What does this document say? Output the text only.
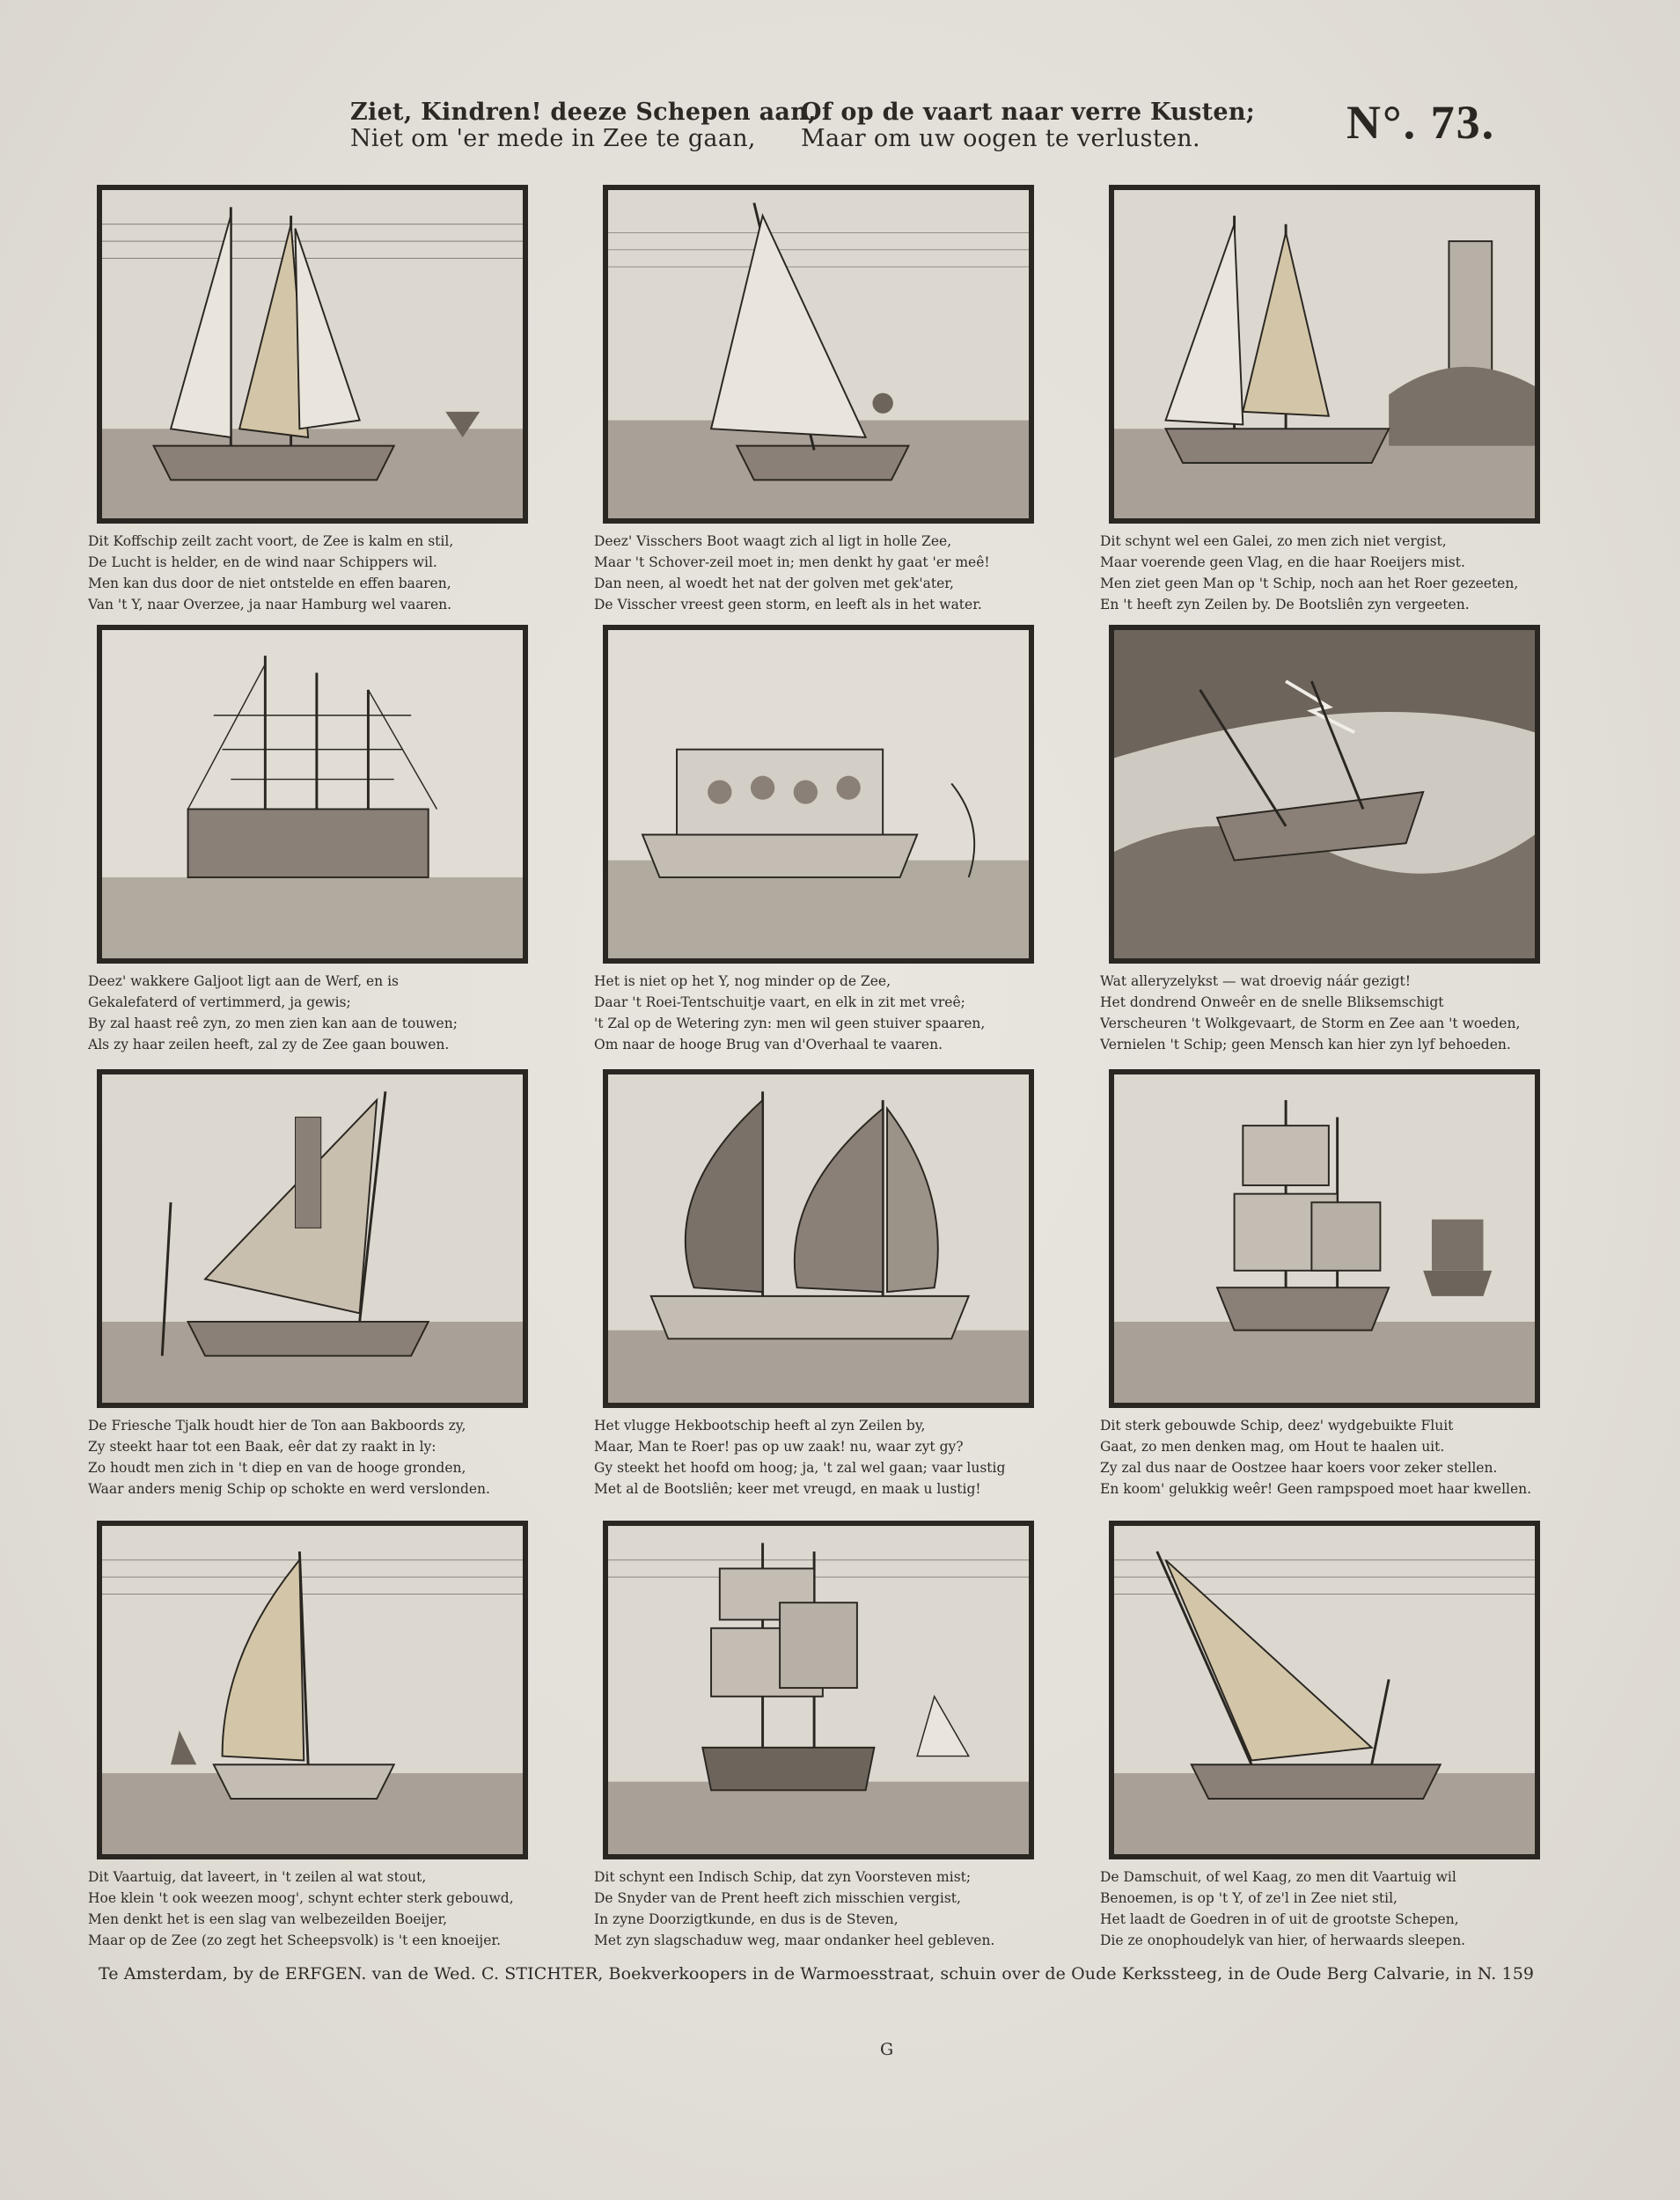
Ziet, Kindren! deeze Schepen aan,
Of op de vaart naar verre Kusten;
Niet om 'er mede in Zee te gaan, Maar om uw oogen te verlusten.	N°. 73.
Dit Koffschip zeilt zacht voort, de Zee is kalm en stil,
De Lucht is helder, en de wind naar Schippers wil.
Men kan dus door de niet ontstelde en effen baaren,
Van 't Y, naar Overzee, ja naar Hamburg wel vaaren.
Deez' Visschers Boot waagt zich al ligt in holle Zee,
Maar 't Schover-zeil moet in; men denkt hy gaat 'er meê!
Dan neen, al woedt het nat der golven met gek'ater,
De Visscher vreest geen storm, en leeft als in het water.
Dit schynt wel een Galei, zo men zich niet vergist,
Maar voerende geen Vlag, en die haar Roeijers mist.
Men ziet geen Man op 't Schip, noch aan het Roer gezeeten,
En 't heeft zyn Zeilen by. De Bootsliên zyn vergeeten.
Deez' wakkere Galjoot ligt aan de Werf, en is
Gekalefaterd of vertimmerd, ja gewis;
By zal haast reê zyn, zo men zien kan aan de touwen;
Als zy haar zeilen heeft, zal zy de Zee gaan bouwen.
Het is niet op het Y, nog minder op de Zee,
Daar 't Roei-Tentschuitje vaart, en elk in zit met vreê;
't Zal op de Wetering zyn: men wil geen stuiver spaaren,
Om naar de hooge Brug van d'Overhaal te vaaren.
Wat alleryzelykst — wat droevig náár gezigt!
Het dondrend Onweêr en de snelle Bliksemschigt
Verscheuren 't Wolkgevaart, de Storm en Zee aan 't woeden,
Vernielen 't Schip; geen Mensch kan hier zyn lyf behoeden.
De Friesche Tjalk houdt hier de Ton aan Bakboords zy,
Zy steekt haar tot een Baak, eêr dat zy raakt in ly:
Zo houdt men zich in 't diep en van de hooge gronden,
Waar anders menig Schip op schokte en werd verslonden.
Het vlugge Hekbootschip heeft al zyn Zeilen by,
Maar, Man te Roer! pas op uw zaak! nu, waar zyt gy?
Gy steekt het hoofd om hoog; ja, 't zal wel gaan; vaar lustig
Met al de Bootsliên; keer met vreugd, en maak u lustig!
Dit sterk gebouwde Schip, deez' wydgebuikte Fluit
Gaat, zo men denken mag, om Hout te haalen uit.
Zy zal dus naar de Oostzee haar koers voor zeker stellen.
En koom' gelukkig weêr! Geen rampspoed moet haar kwellen.
Dit Vaartuig, dat laveert, in 't zeilen al wat stout,
Hoe klein 't ook weezen moog', schynt echter sterk gebouwd,
Men denkt het is een slag van welbezeilden Boeijer,
Maar op de Zee (zo zegt het Scheepsvolk) is 't een knoeijer.
Dit schynt een Indisch Schip, dat zyn Voorsteven mist;
De Snyder van de Prent heeft zich misschien vergist,
In zyne Doorzigtkunde, en dus is de Steven,
Met zyn slagschaduw weg, maar ondanker heel gebleven.
De Damschuit, of wel Kaag, zo men dit Vaartuig wil
Benoemen, is op 't Y, of ze'l in Zee niet stil,
Het laadt de Goedren in of uit de grootste Schepen,
Die ze onophoudelyk van hier, of herwaards sleepen.
Te Amsterdam, by de ERFGEN. van de Wed. C. STICHTER, Boekverkoopers in de Warmoesstraat, schuin over de Oude Kerkssteeg, in de Oude Berg Calvarie, in N. 159
G
